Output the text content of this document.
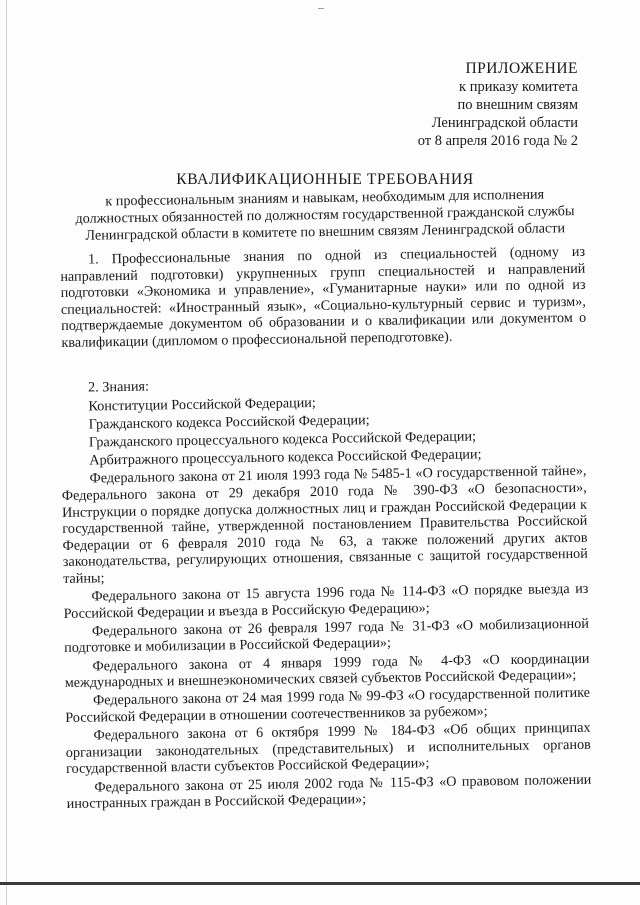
ПРИЛОЖЕНИЕ
к приказу комитета
по внешним связям
Ленинградской области
от 8 апреля 2016 года № 2
КВАЛИФИКАЦИОННЫЕ ТРЕБОВАНИЯ
к профессиональным знаниям и навыкам, необходимым для исполнения
должностных обязанностей по должностям государственной гражданской службы
Ленинградской области в комитете по внешним связям Ленинградской области

1. Профессиональные знания по одной из специальностей (одному из направлений подготовки) укрупненных групп специальностей и направлений подготовки «Экономика и управление», «Гуманитарные науки» или по одной из специальностей: «Иностранный язык», «Социально-культурный сервис и туризм», подтверждаемые документом об образовании и о квалификации или документом о квалификации (дипломом о профессиональной переподготовке).

2. Знания:

Конституции Российской Федерации;

Гражданского кодекса Российской Федерации;

Гражданского процессуального кодекса Российской Федерации;

Арбитражного процессуального кодекса Российской Федерации;

Федерального закона от 21 июля 1993 года № 5485-1 «О государственной тайне», Федерального закона от 29 декабря 2010 года № 390-ФЗ «О безопасности», Инструкции о порядке допуска должностных лиц и граждан Российской Федерации к государственной тайне, утвержденной постановлением Правительства Российской Федерации от 6 февраля 2010 года № 63, а также положений других актов законодательства, регулирующих отношения, связанные с защитой государственной тайны;

Федерального закона от 15 августа 1996 года № 114-ФЗ «О порядке выезда из Российской Федерации и въезда в Российскую Федерацию»;

Федерального закона от 26 февраля 1997 года № 31-ФЗ «О мобилизационной подготовке и мобилизации в Российской Федерации»;

Федерального закона от 4 января 1999 года № 4-ФЗ «О координации международных и внешнеэкономических связей субъектов Российской Федерации»;

Федерального закона от 24 мая 1999 года № 99-ФЗ «О государственной политике Российской Федерации в отношении соотечественников за рубежом»;

Федерального закона от 6 октября 1999 № 184-ФЗ «Об общих принципах организации законодательных (представительных) и исполнительных органов государственной власти субъектов Российской Федерации»;

Федерального закона от 25 июля 2002 года № 115-ФЗ «О правовом положении иностранных граждан в Российской Федерации»;
